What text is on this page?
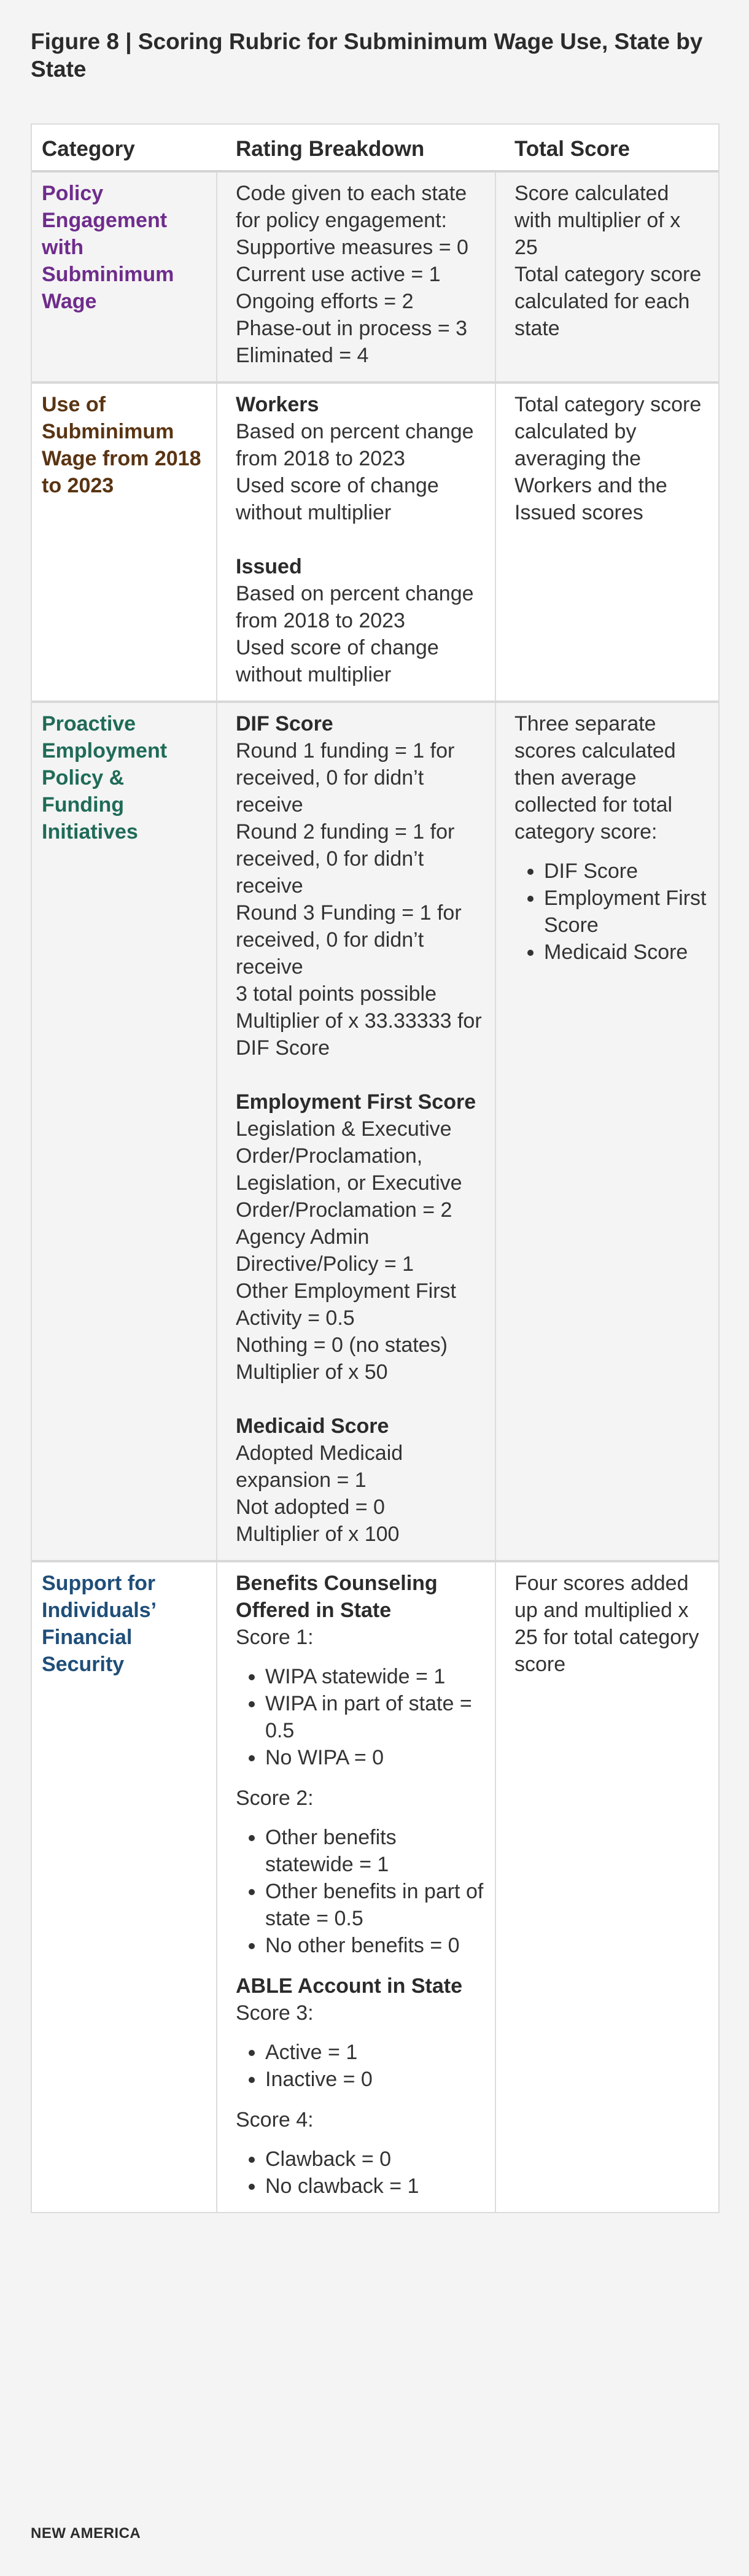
Figure 8 | Scoring Rubric for Subminimum Wage Use, State by State
Category	Rating Breakdown	Total Score
Policy Engagement with Subminimum Wage

Code given to each state for policy engagement:

Supportive measures = 0

Current use active = 1

Ongoing efforts = 2

Phase-out in process = 3

Eliminated = 4

Score calculated with multiplier of x 25

Total category score calculated for each state

Use of Subminimum Wage from 2018 to 2023

Workers

Based on percent change from 2018 to 2023

Used score of change without multiplier

Issued

Based on percent change from 2018 to 2023

Used score of change without multiplier

Total category score calculated by averaging the Workers and the Issued scores

Proactive Employment Policy & Funding Initiatives

DIF Score

Round 1 funding = 1 for received, 0 for didn’t receive

Round 2 funding = 1 for received, 0 for didn’t receive

Round 3 Funding = 1 for received, 0 for didn’t receive

3 total points possible

Multiplier of x 33.33333 for DIF Score

Employment First Score

Legislation & Executive Order/Proclamation, Legislation, or Executive Order/Proclamation = 2

Agency Admin Directive/Policy = 1

Other Employment First Activity = 0.5

Nothing = 0 (no states)

Multiplier of x 50

Medicaid Score

Adopted Medicaid expansion = 1

Not adopted = 0

Multiplier of x 100

Three separate scores calculated then average collected for total category score:

• DIF Score
• Employment First Score
• Medicaid Score
Support for Individuals’ Financial Security

Benefits Counseling Offered in State

Score 1:

• WIPA statewide = 1
• WIPA in part of state = 0.5
• No WIPA = 0

Score 2:

• Other benefits statewide = 1
• Other benefits in part of state = 0.5
• No other benefits = 0

ABLE Account in State

Score 3:

• Active = 1
• Inactive = 0

Score 4:

• Clawback = 0
• No clawback = 1

Four scores added up and multiplied x 25 for total category score

NEW AMERICA
